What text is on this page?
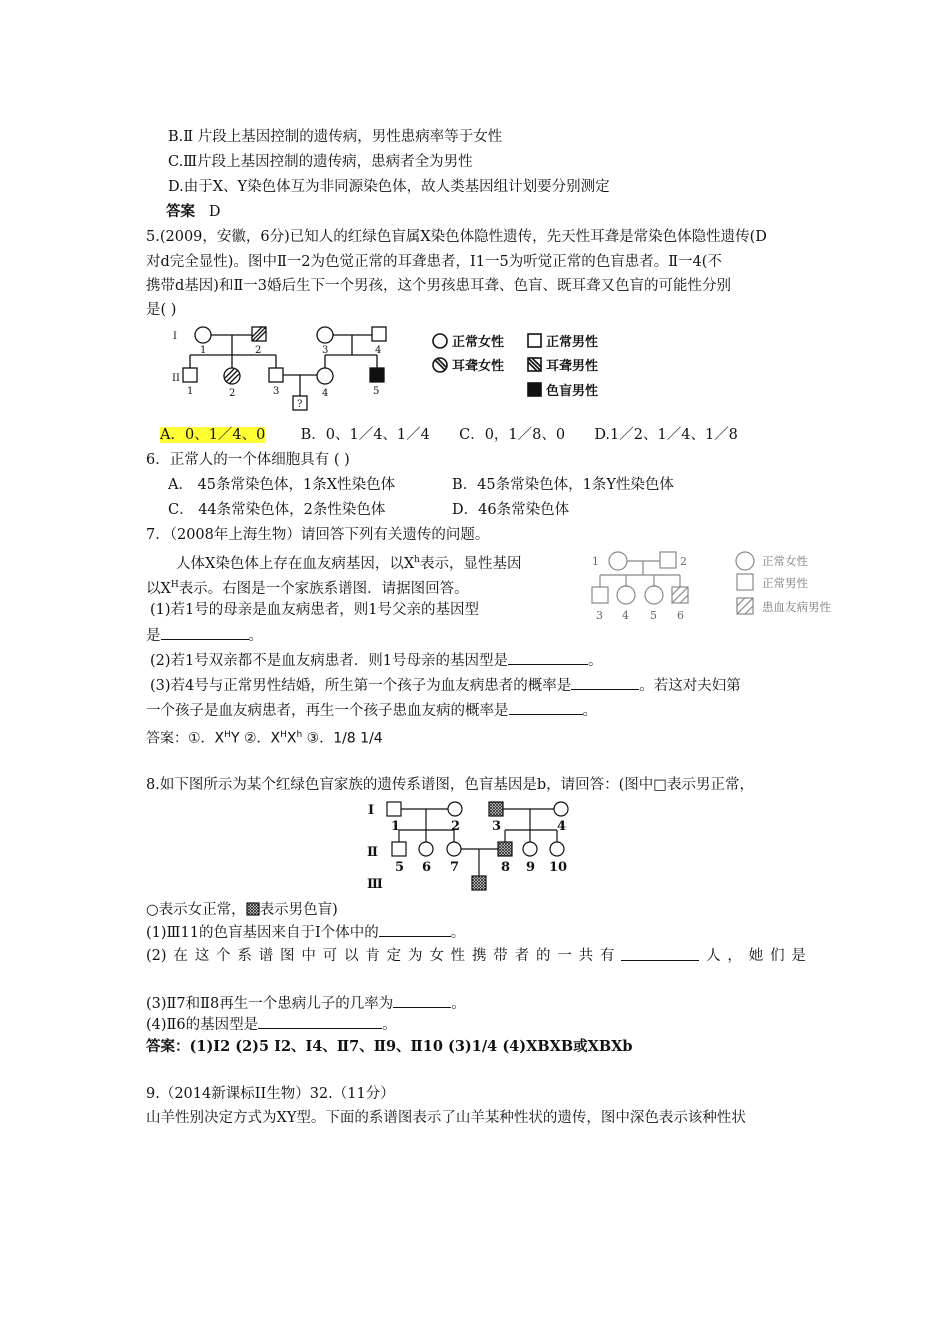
B.Ⅱ 片段上基因控制的遗传病，男性患病率等于女性
C.Ⅲ片段上基因控制的遗传病，患病者全为男性
D.由于X、Y染色体互为非同源染色体，故人类基因组计划要分别测定
答案 D
5.(2009，安徽，6分)已知人的红绿色盲属X染色体隐性遗传，先天性耳聋是常染色体隐性遗传(D
对d完全显性)。图中Ⅱ一2为色觉正常的耳聋患者，Ⅰ1一5为听觉正常的色盲患者。Ⅱ一4(不
携带d基因)和Ⅱ一3婚后生下一个男孩，这个男孩患耳聋、色盲、既耳聋又色盲的可能性分别
是( )
I
II
1	2	3	4
1	2	3	4	5
?
正常女性	正常男性
耳聋女性	耳聋男性
色盲男性
A．0、1／4、0 B．0、1／4、1／4 C．0，1／8、0 D.1／2、1／4、1／8
6．正常人的一个体细胞具有 ( )
A． 45条常染色体，1条X性染色体	B．45条常染色体，1条Y性染色体
C． 44条常染色体，2条性染色体	D．46条常染色体
7．（2008年上海生物）请回答下列有关遗传的问题。
人体X染色体上存在血友病基因，以$X^h$表示，显性基因
以$X^H$表示。右图是一个家族系谱图．请据图回答。
1	2
3 4 5 6
正常女性
正常男性
患血友病男性
(1)若1号的母亲是血友病患者，则1号父亲的基因型
是	。
(2)若1号双亲都不是血友病患者．则1号母亲的基因型是	。
(3)若4号与正常男性结婚，所生第一个孩子为血友病患者的概率是	。若这对夫妇第
一个孩子是血友病患者，再生一个孩子患血友病的概率是	。
答案：①．$X^HY$ ②．$X^HX^h$ ③．1/8 1/4
8.如下图所示为某个红绿色盲家族的遗传系谱图，色盲基因是b，请回答：(图中□表示男正常，
Ⅰ
Ⅱ
Ⅲ
1	2 3	4
5 6 7	8 9 10
○表示女正常， 表示男色盲)
(1)Ⅲ11的色盲基因来自于Ⅰ个体中的	。
(2) 在 这 个 系 谱 图 中 可 以 肯 定 为 女 性 携 带 者 的 一 共 有	人 ， 她 们 是
(3)Ⅱ7和Ⅱ8再生一个患病儿子的几率为	。
(4)Ⅱ6的基因型是	。
答案：(1)Ⅰ2 (2)5 Ⅰ2、Ⅰ4、Ⅱ7、Ⅱ9、Ⅱ10 (3)1/4 (4)XBXB或XBXb
9.（2014新课标II生物）32.（11分）
山羊性别决定方式为XY型。下面的系谱图表示了山羊某种性状的遗传，图中深色表示该种性状
